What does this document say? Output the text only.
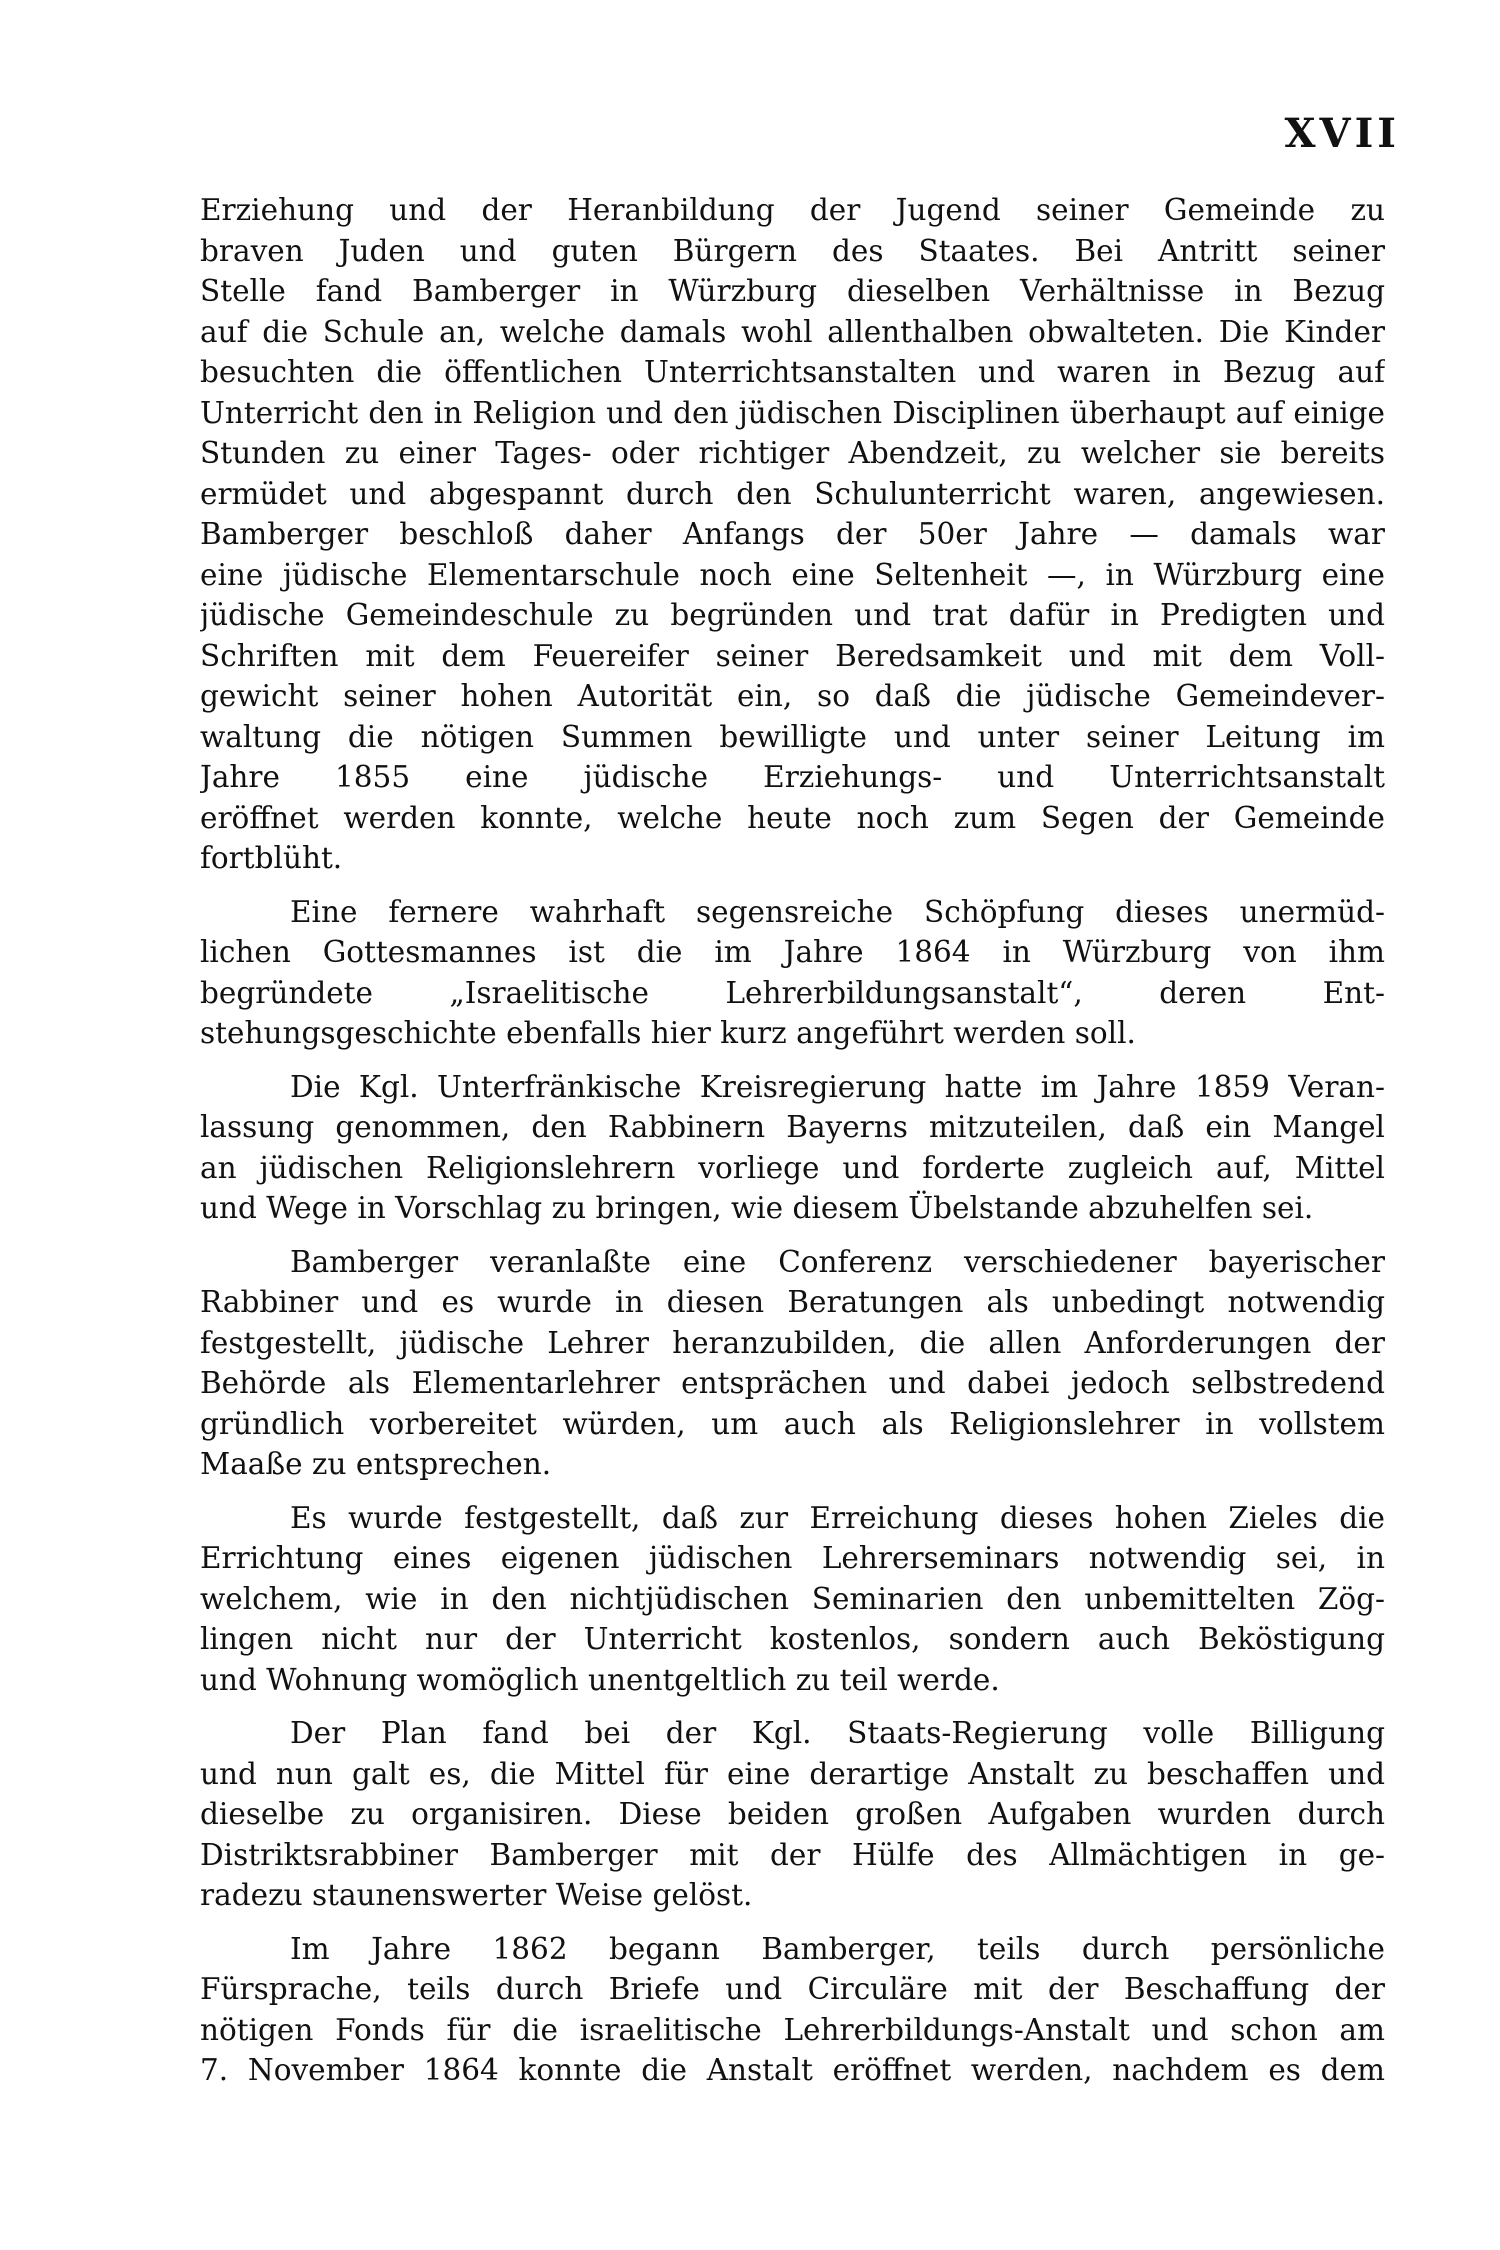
XVII
Erziehung und der Heranbildung der Jugend seiner Gemeinde zu
braven Juden und guten Bürgern des Staates. Bei Antritt seiner
Stelle fand Bamberger in Würzburg dieselben Verhältnisse in Bezug
auf die Schule an, welche damals wohl allenthalben obwalteten. Die Kinder
besuchten die öffentlichen Unterrichtsanstalten und waren in Bezug auf
Unterricht den in Religion und den jüdischen Disciplinen überhaupt auf einige
Stunden zu einer Tages- oder richtiger Abendzeit, zu welcher sie bereits
ermüdet und abgespannt durch den Schulunterricht waren, angewiesen.
Bamberger beschloß daher Anfangs der 50er Jahre — damals war
eine jüdische Elementarschule noch eine Seltenheit —, in Würzburg eine
jüdische Gemeindeschule zu begründen und trat dafür in Predigten und
Schriften mit dem Feuereifer seiner Beredsamkeit und mit dem Voll-
gewicht seiner hohen Autorität ein, so daß die jüdische Gemeindever-
waltung die nötigen Summen bewilligte und unter seiner Leitung im
Jahre 1855 eine jüdische Erziehungs- und Unterrichtsanstalt
eröffnet werden konnte, welche heute noch zum Segen der Gemeinde
fortblüht.
Eine fernere wahrhaft segensreiche Schöpfung dieses unermüd-
lichen Gottesmannes ist die im Jahre 1864 in Würzburg von ihm
begründete „Israelitische Lehrerbildungsanstalt“, deren Ent-
stehungsgeschichte ebenfalls hier kurz angeführt werden soll.
Die Kgl. Unterfränkische Kreisregierung hatte im Jahre 1859 Veran-
lassung genommen, den Rabbinern Bayerns mitzuteilen, daß ein Mangel
an jüdischen Religionslehrern vorliege und forderte zugleich auf, Mittel
und Wege in Vorschlag zu bringen, wie diesem Übelstande abzuhelfen sei.
Bamberger veranlaßte eine Conferenz verschiedener bayerischer
Rabbiner und es wurde in diesen Beratungen als unbedingt notwendig
festgestellt, jüdische Lehrer heranzubilden, die allen Anforderungen der
Behörde als Elementarlehrer entsprächen und dabei jedoch selbstredend
gründlich vorbereitet würden, um auch als Religionslehrer in vollstem
Maaße zu entsprechen.
Es wurde festgestellt, daß zur Erreichung dieses hohen Zieles die
Errichtung eines eigenen jüdischen Lehrerseminars notwendig sei, in
welchem, wie in den nichtjüdischen Seminarien den unbemittelten Zög-
lingen nicht nur der Unterricht kostenlos, sondern auch Beköstigung
und Wohnung womöglich unentgeltlich zu teil werde.
Der Plan fand bei der Kgl. Staats-Regierung volle Billigung
und nun galt es, die Mittel für eine derartige Anstalt zu beschaffen und
dieselbe zu organisiren. Diese beiden großen Aufgaben wurden durch
Distriktsrabbiner Bamberger mit der Hülfe des Allmächtigen in ge-
radezu staunenswerter Weise gelöst.
Im Jahre 1862 begann Bamberger, teils durch persönliche
Fürsprache, teils durch Briefe und Circuläre mit der Beschaffung der
nötigen Fonds für die israelitische Lehrerbildungs-Anstalt und schon am
7. November 1864 konnte die Anstalt eröffnet werden, nachdem es dem
